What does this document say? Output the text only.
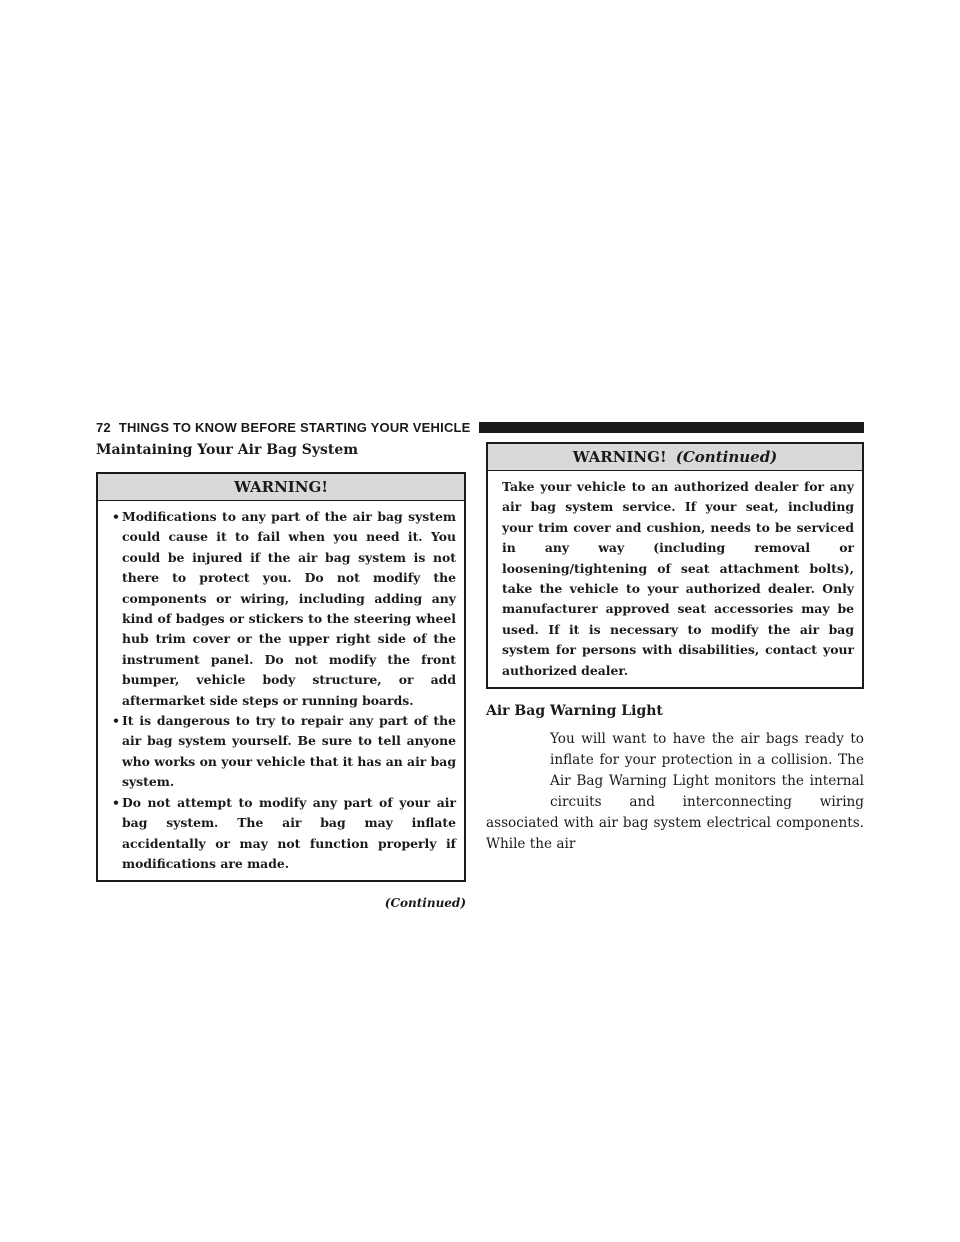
72 THINGS TO KNOW BEFORE STARTING YOUR VEHICLE
Maintaining Your Air Bag System
WARNING!
• Modifications to any part of the air bag system could cause it to fail when you need it. You could be injured if the air bag system is not there to protect you. Do not modify the components or wiring, including adding any kind of badges or stickers to the steering wheel hub trim cover or the upper right side of the instrument panel. Do not modify the front bumper, vehicle body structure, or add aftermarket side steps or running boards.
• It is dangerous to try to repair any part of the air bag system yourself. Be sure to tell anyone who works on your vehicle that it has an air bag system.
• Do not attempt to modify any part of your air bag system. The air bag may inflate accidentally or may not function properly if modifications are made.
(Continued)
WARNING! (Continued)
Take your vehicle to an authorized dealer for any air bag system service. If your seat, including your trim cover and cushion, needs to be serviced in any way (including removal or loosening/tightening of seat attachment bolts), take the vehicle to your authorized dealer. Only manufacturer approved seat accessories may be used. If it is necessary to modify the air bag system for persons with disabilities, contact your authorized dealer.
Air Bag Warning Light
You will want to have the air bags ready to inflate for your protection in a collision. The Air Bag Warning Light monitors the internal circuits and interconnecting wiring associated with air bag system electrical components. While the air
